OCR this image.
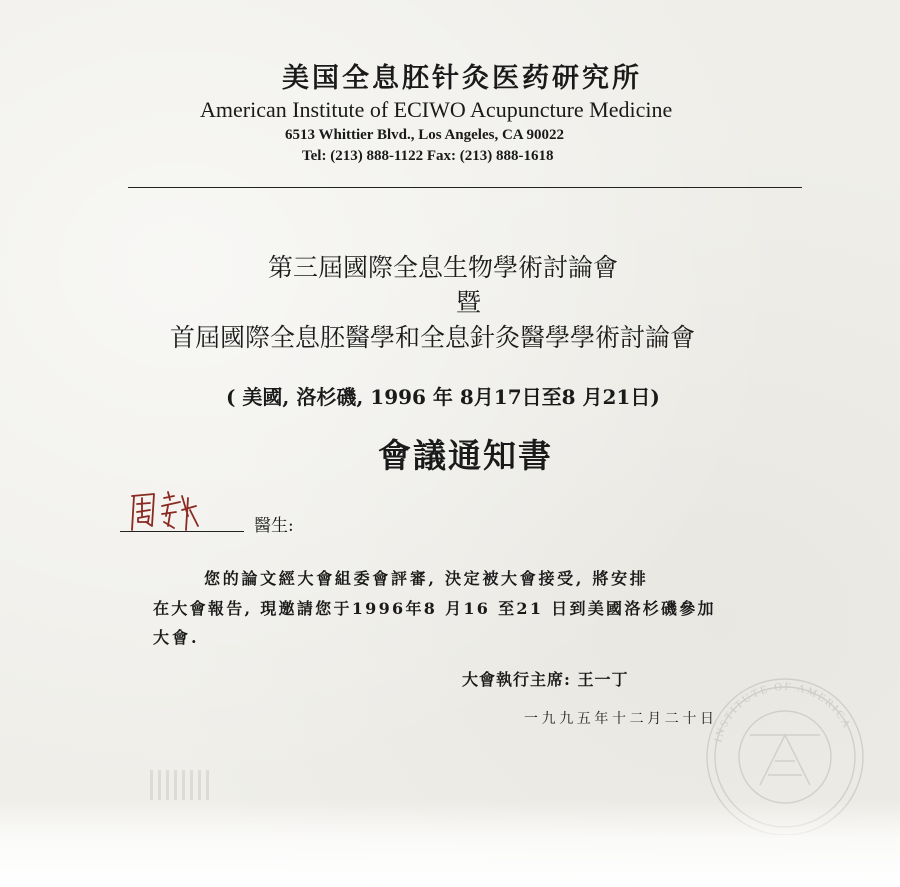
美国全息胚针灸医药研究所
American Institute of ECIWO Acupuncture Medicine
6513 Whittier Blvd., Los Angeles, CA 90022
Tel: (213) 888-1122 Fax: (213) 888-1618
第三屆國際全息生物學術討論會
暨
首屆國際全息胚醫學和全息針灸醫學學術討論會
( 美國, 洛杉磯, 1996 年 8月17日至8 月21日)
會議通知書
醫生:
您的論文經大會組委會評審, 決定被大會接受, 將安排
在大會報告, 現邀請您于1996年8 月16 至21 日到美國洛杉磯參加
大會.
大會執行主席: 王一丁
一九九五年十二月二十日
INSTITUTE OF AMERICA
